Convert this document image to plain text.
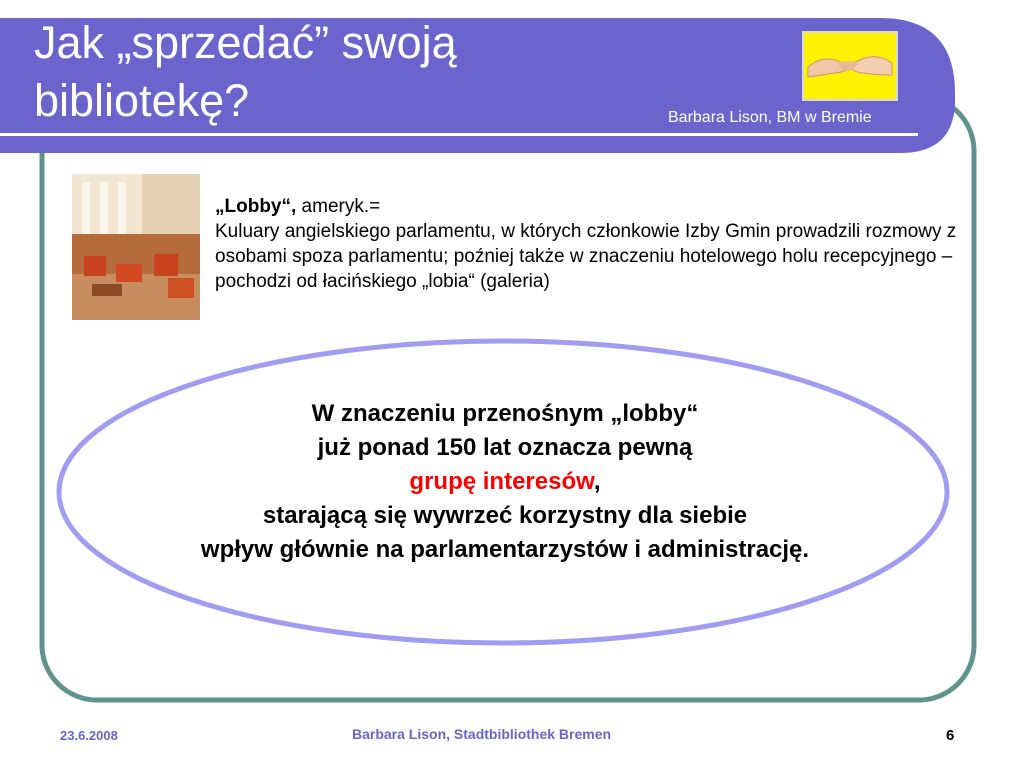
Jak „sprzedać” swoją
bibliotekę?	Barbara Lison, BM w Bremie

„Lobby“, ameryk.=

Kuluary angielskiego parlamentu, w których członkowie Izby Gmin prowadzili rozmowy z osobami spoza parlamentu; poźniej także w znaczeniu hotelowego holu recepcyjnego – pochodzi od łacińskiego „lobia“ (galeria)

W znaczeniu przenośnym „lobby“

już ponad 150 lat oznacza pewną

grupę interesów,

starającą się wywrzeć korzystny dla siebie

wpływ głównie na parlamentarzystów i administrację.

23.6.2008	Barbara Lison, Stadtbibliothek Bremen	6
